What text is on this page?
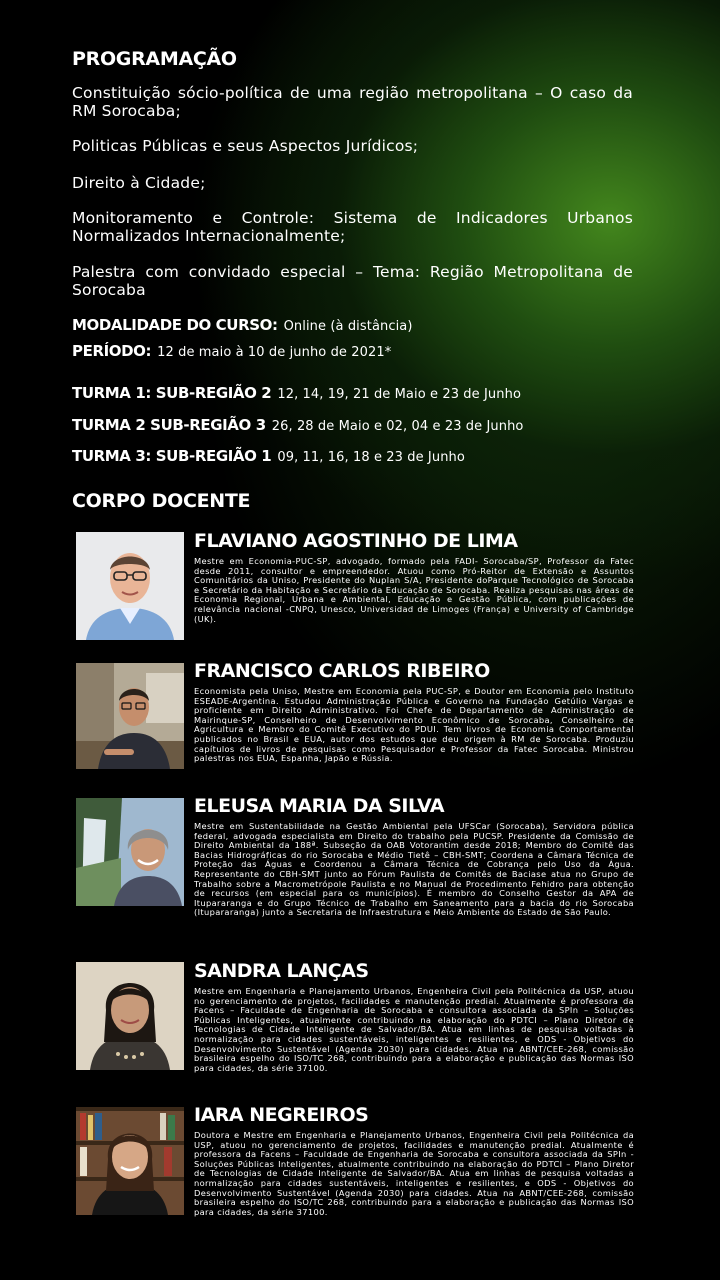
PROGRAMAÇÃO
Constituição sócio-política de uma região metropolitana – O caso da RM Sorocaba;
Politicas Públicas e seus Aspectos Jurídicos;
Direito à Cidade;
Monitoramento e Controle: Sistema de Indicadores Urbanos Normalizados Internacionalmente;
Palestra com convidado especial – Tema: Região Metropolitana de Sorocaba
MODALIDADE DO CURSO: Online (à distância)
PERÍODO: 12 de maio à 10 de junho de 2021*
TURMA 1: SUB-REGIÃO 2 12, 14, 19, 21 de Maio e 23 de Junho
TURMA 2 SUB-REGIÃO 3 26, 28 de Maio e 02, 04 e 23 de Junho
TURMA 3: SUB-REGIÃO 1 09, 11, 16, 18 e 23 de Junho
CORPO DOCENTE
FLAVIANO AGOSTINHO DE LIMA

Mestre em Economia-PUC-SP, advogado, formado pela FADI- Sorocaba/SP, Professor da Fatec desde 2011, consultor e empreendedor. Atuou como Pró-Reitor de Extensão e Assuntos Comunitários da Uniso, Presidente do Nuplan S/A, Presidente doParque Tecnológico de Sorocaba e Secretário da Habitação e Secretário da Educação de Sorocaba. Realiza pesquisas nas áreas de Economia Regional, Urbana e Ambiental, Educação e Gestão Pública, com publicações de relevância nacional -CNPQ, Unesco, Universidad de Limoges (França) e University of Cambridge (UK).

FRANCISCO CARLOS RIBEIRO

Economista pela Uniso, Mestre em Economia pela PUC-SP, e Doutor em Economia pelo Instituto ESEADE-Argentina. Estudou Administração Pública e Governo na Fundação Getúlio Vargas e proficiente em Direito Administrativo. Foi Chefe de Departamento de Administração de Mairinque-SP, Conselheiro de Desenvolvimento Econômico de Sorocaba, Conselheiro de Agricultura e Membro do Comitê Executivo do PDUI. Tem livros de Economia Comportamental publicados no Brasil e EUA, autor dos estudos que deu origem à RM de Sorocaba. Produziu capítulos de livros de pesquisas como Pesquisador e Professor da Fatec Sorocaba. Ministrou palestras nos EUA, Espanha, Japão e Rússia.

ELEUSA MARIA DA SILVA

Mestre em Sustentabilidade na Gestão Ambiental pela UFSCar (Sorocaba), Servidora pública federal, advogada especialista em Direito do trabalho pela PUCSP. Presidente da Comissão de Direito Ambiental da 188ª. Subseção da OAB Votorantim desde 2018; Membro do Comitê das Bacias Hidrográficas do rio Sorocaba e Médio Tietê – CBH-SMT; Coordena a Câmara Técnica de Proteção das Águas e Coordenou a Câmara Técnica de Cobrança pelo Uso da Água. Representante do CBH-SMT junto ao Fórum Paulista de Comitês de Baciase atua no Grupo de Trabalho sobre a Macrometrópole Paulista e no Manual de Procedimento Fehidro para obtenção de recursos (em especial para os municípios). É membro do Conselho Gestor da APA de Itupararanga e do Grupo Técnico de Trabalho em Saneamento para a bacia do rio Sorocaba (Itupararanga) junto a Secretaria de Infraestrutura e Meio Ambiente do Estado de São Paulo.

SANDRA LANÇAS

Mestre em Engenharia e Planejamento Urbanos, Engenheira Civil pela Politécnica da USP, atuou no gerenciamento de projetos, facilidades e manutenção predial. Atualmente é professora da Facens – Faculdade de Engenharia de Sorocaba e consultora associada da SPIn – Soluções Públicas Inteligentes, atualmente contribuindo na elaboração do PDTCI – Plano Diretor de Tecnologias de Cidade Inteligente de Salvador/BA. Atua em linhas de pesquisa voltadas à normalização para cidades sustentáveis, inteligentes e resilientes, e ODS - Objetivos do Desenvolvimento Sustentável (Agenda 2030) para cidades. Atua na ABNT/CEE-268, comissão brasileira espelho do ISO/TC 268, contribuindo para a elaboração e publicação das Normas ISO para cidades, da série 37100.

IARA NEGREIROS

Doutora e Mestre em Engenharia e Planejamento Urbanos, Engenheira Civil pela Politécnica da USP, atuou no gerenciamento de projetos, facilidades e manutenção predial. Atualmente é professora da Facens – Faculdade de Engenharia de Sorocaba e consultora associada da SPIn - Soluções Públicas Inteligentes, atualmente contribuindo na elaboração do PDTCI – Plano Diretor de Tecnologias de Cidade Inteligente de Salvador/BA. Atua em linhas de pesquisa voltadas a normalização para cidades sustentáveis, inteligentes e resilientes, e ODS - Objetivos do Desenvolvimento Sustentável (Agenda 2030) para cidades. Atua na ABNT/CEE-268, comissão brasileira espelho do ISO/TC 268, contribuindo para a elaboração e publicação das Normas ISO para cidades, da série 37100.
